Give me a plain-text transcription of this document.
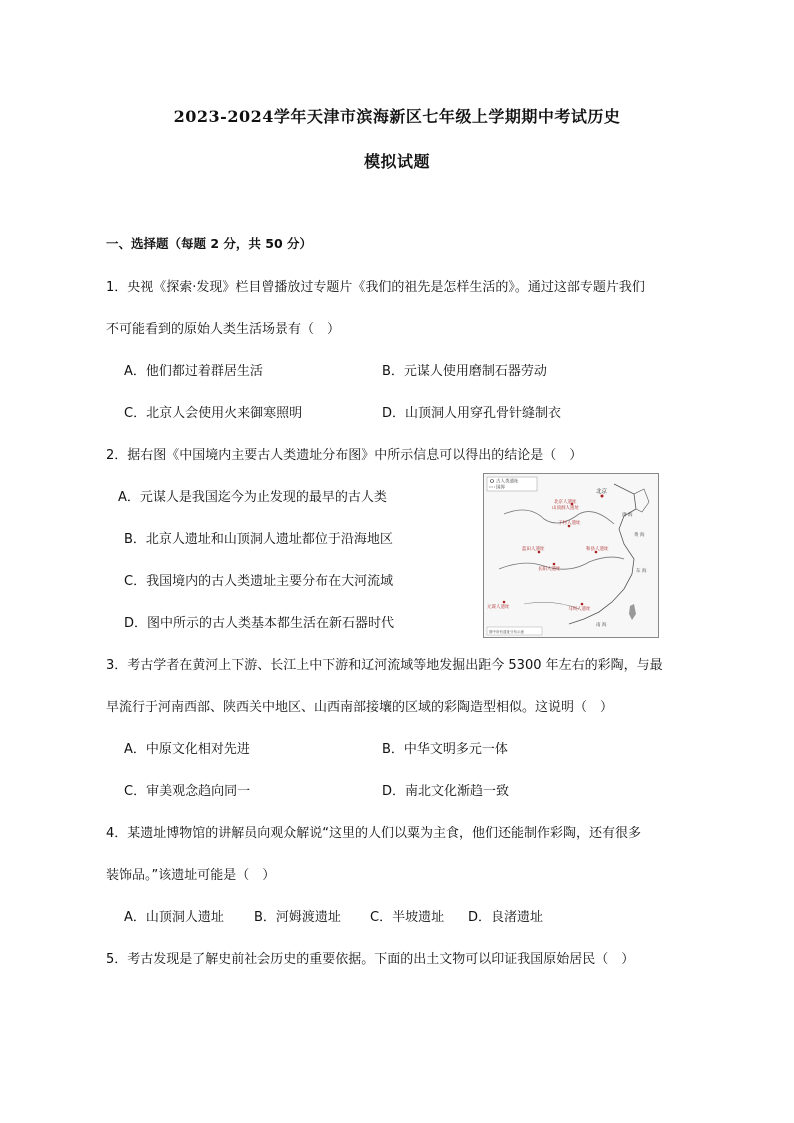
2023-2024学年天津市滨海新区七年级上学期期中考试历史
模拟试题
一、选择题（每题 2 分，共 50 分）
1．央视《探索·发现》栏目曾播放过专题片《我们的祖先是怎样生活的》。通过这部专题片我们
不可能看到的原始人类生活场景有（　）
A．他们都过着群居生活	B．元谋人使用磨制石器劳动
C．北京人会使用火来御寒照明	D．山顶洞人用穿孔骨针缝制衣
2．据右图《中国境内主要古人类遗址分布图》中所示信息可以得出的结论是（　）
A．元谋人是我国迄今为止发现的最早的古人类
B．北京人遗址和山顶洞人遗址都位于沿海地区
C．我国境内的古人类遗址主要分布在大河流域
D．图中所示的古人类基本都生活在新石器时代
古人类遗址
国界
北京
北京人遗址
山顶洞人遗址
丁村人遗址
蓝田人遗址	和县人遗址
长阳人遗址
元谋人遗址	马坝人遗址
渤 海
黄 海
东 海
南 海
图中所有遗址分布示意
3．考古学者在黄河上下游、长江上中下游和辽河流域等地发掘出距今 5300 年左右的彩陶，与最
早流行于河南西部、陕西关中地区、山西南部接壤的区域的彩陶造型相似。这说明（　）
A．中原文化相对先进	B．中华文明多元一体
C．审美观念趋向同一	D．南北文化渐趋一致
4．某遗址博物馆的讲解员向观众解说“这里的人们以粟为主食，他们还能制作彩陶，还有很多
装饰品。”该遗址可能是（　）
A．山顶洞人遗址 B．河姆渡遗址 C．半坡遗址 D．良渚遗址
5．考古发现是了解史前社会历史的重要依据。下面的出土文物可以印证我国原始居民（　）
